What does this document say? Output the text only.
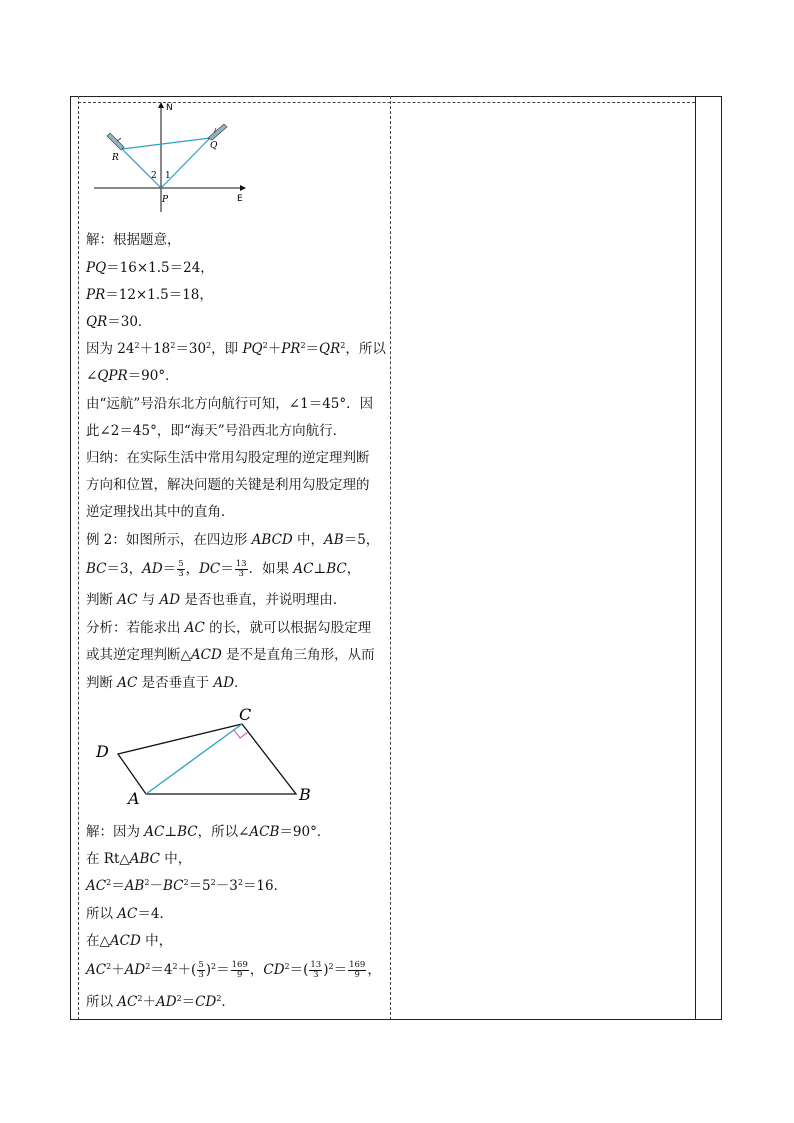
N
E
P
Q
R
1
2
解：根据题意，
PQ＝16×1.5＝24，
PR＝12×1.5＝18，
QR＝30．
因为 $24^2+18^2=30^2$，即 $PQ^2+PR^2=QR^2$，所以
∠QPR＝90°．
由“远航”号沿东北方向航行可知，∠1＝45°．因
此∠2＝45°，即“海天”号沿西北方向航行．
归纳：在实际生活中常用勾股定理的逆定理判断
方向和位置，解决问题的关键是利用勾股定理的
逆定理找出其中的直角．
例 2：如图所示，在四边形 ABCD 中，AB＝5，
BC＝3，$AD= \frac{5}{3}$ ，$DC= \frac{13}{3}$ ．如果 AC⊥BC，
判断 AC 与 AD 是否也垂直，并说明理由．
分析：若能求出 AC 的长，就可以根据勾股定理
或其逆定理判断△ACD 是不是直角三角形，从而
判断 AC 是否垂直于 AD．
D
C
A	B
解：因为 AC⊥BC，所以∠ACB＝90°．
在 Rt△ABC 中，
$AC^2=AB^2-BC^2=5^2-3^2=16$．
所以 AC＝4．
在△ACD 中，
$AC^2+AD^2=4^2+( \frac{5}{3} )^2= \frac{169}{9}$ ，$CD^2=( \frac{13}{3} )^2= \frac{169}{9}$ ，
所以 $AC^2+AD^2=CD^2$．
